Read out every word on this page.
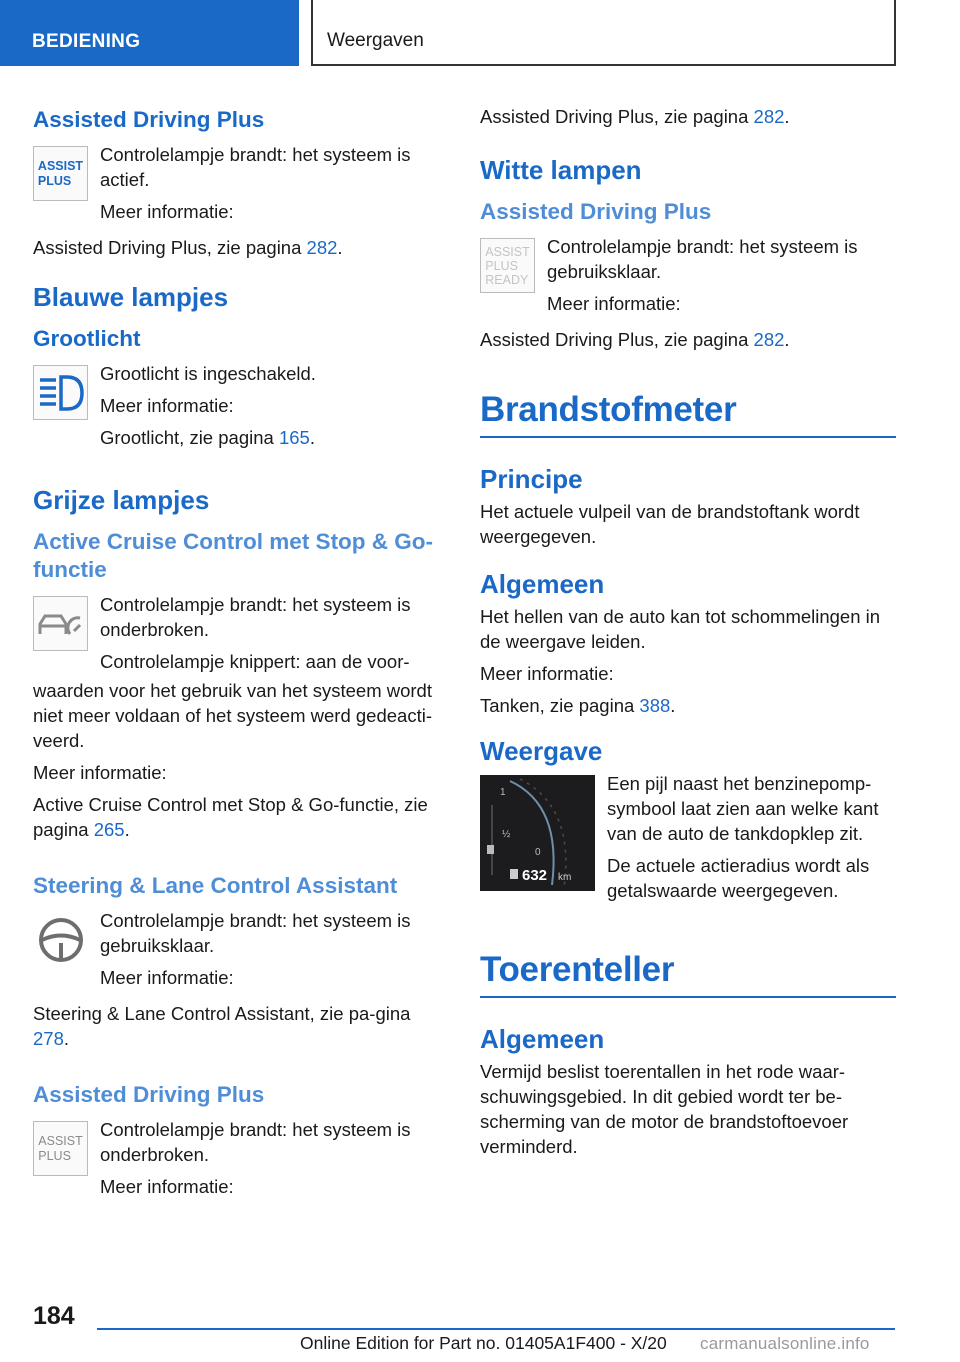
BEDIENING	Weergaven
Assisted Driving Plus
ASSIST
PLUS

Controlelampje brandt: het systeem is actief.

Meer informatie:

Assisted Driving Plus, zie pagina 282.

Blauwe lampjes
Grootlicht

Grootlicht is ingeschakeld.

Meer informatie:

Grootlicht, zie pagina 165.

Grijze lampjes
Active Cruise Control met Stop & Go-functie

Controlelampje brandt: het systeem is onderbroken.

Controlelampje knippert: aan de voor-

waarden voor het gebruik van het systeem wordt niet meer voldaan of het systeem werd gedeacti-veerd.

Meer informatie:

Active Cruise Control met Stop & Go-functie, zie pagina 265.

Steering & Lane Control Assistant

Controlelampje brandt: het systeem is gebruiksklaar.

Meer informatie:

Steering & Lane Control Assistant, zie pa-gina 278.

Assisted Driving Plus
ASSIST
PLUS

Controlelampje brandt: het systeem is onderbroken.

Meer informatie:

Assisted Driving Plus, zie pagina 282.

Witte lampen
Assisted Driving Plus
ASSIST
PLUS
READY

Controlelampje brandt: het systeem is gebruiksklaar.

Meer informatie:

Assisted Driving Plus, zie pagina 282.

Brandstofmeter
Principe

Het actuele vulpeil van de brandstoftank wordt weergegeven.

Algemeen

Het hellen van de auto kan tot schommelingen in de weergave leiden.

Meer informatie:

Tanken, zie pagina 388.

Weergave
1
½
0
632 km

Een pijl naast het benzinepomp-symbool laat zien aan welke kant van de auto de tankdopklep zit.

De actuele actieradius wordt als getalswaarde weergegeven.

Toerenteller
Algemeen

Vermijd beslist toerentallen in het rode waar-schuwingsgebied. In dit gebied wordt ter be-scherming van de motor de brandstoftoevoer verminderd.

184
Online Edition for Part no. 01405A1F400 - X/20 carmanualsonline.info
